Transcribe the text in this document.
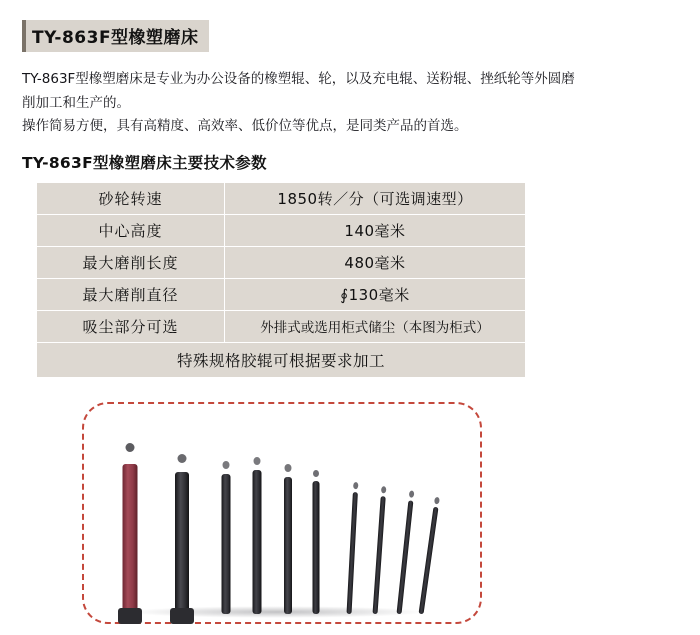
TY-863F型橡塑磨床

TY-863F型橡塑磨床是专业为办公设备的橡塑辊、轮，以及充电辊、送粉辊、挫纸轮等外圆磨

削加工和生产的。

操作简易方便，具有高精度、高效率、低价位等优点，是同类产品的首选。

TY-863F型橡塑磨床主要技术参数
砂轮转速	1850转／分（可选调速型）
中心高度	140毫米
最大磨削长度	480毫米
最大磨削直径	∮130毫米
吸尘部分可选	外排式或选用柜式储尘（本图为柜式）
特殊规格胶辊可根据要求加工	
